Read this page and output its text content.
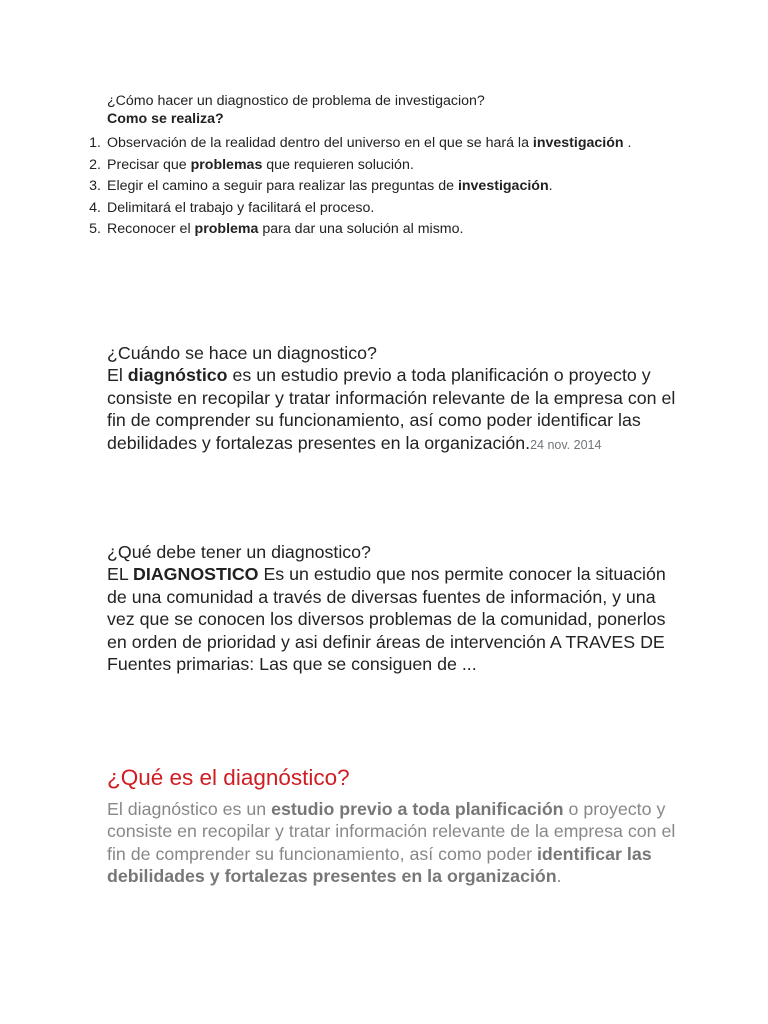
¿Cómo hacer un diagnostico de problema de investigacion?
Como se realiza?
1. Observación de la realidad dentro del universo en el que se hará la investigación .
2. Precisar que problemas que requieren solución.
3. Elegir el camino a seguir para realizar las preguntas de investigación.
4. Delimitará el trabajo y facilitará el proceso.
5. Reconocer el problema para dar una solución al mismo.

¿Cuándo se hace un diagnostico?

El diagnóstico es un estudio previo a toda planificación o proyecto y consiste en recopilar y tratar información relevante de la empresa con el fin de comprender su funcionamiento, así como poder identificar las debilidades y fortalezas presentes en la organización.24 nov. 2014

¿Qué debe tener un diagnostico?

EL DIAGNOSTICO Es un estudio que nos permite conocer la situación de una comunidad a través de diversas fuentes de información, y una vez que se conocen los diversos problemas de la comunidad, ponerlos en orden de prioridad y asi definir áreas de intervención A TRAVES DE Fuentes primarias: Las que se consiguen de ...

¿Qué es el diagnóstico?

El diagnóstico es un estudio previo a toda planificación o proyecto y consiste en recopilar y tratar información relevante de la empresa con el fin de comprender su funcionamiento, así como poder identificar las debilidades y fortalezas presentes en la organización.
